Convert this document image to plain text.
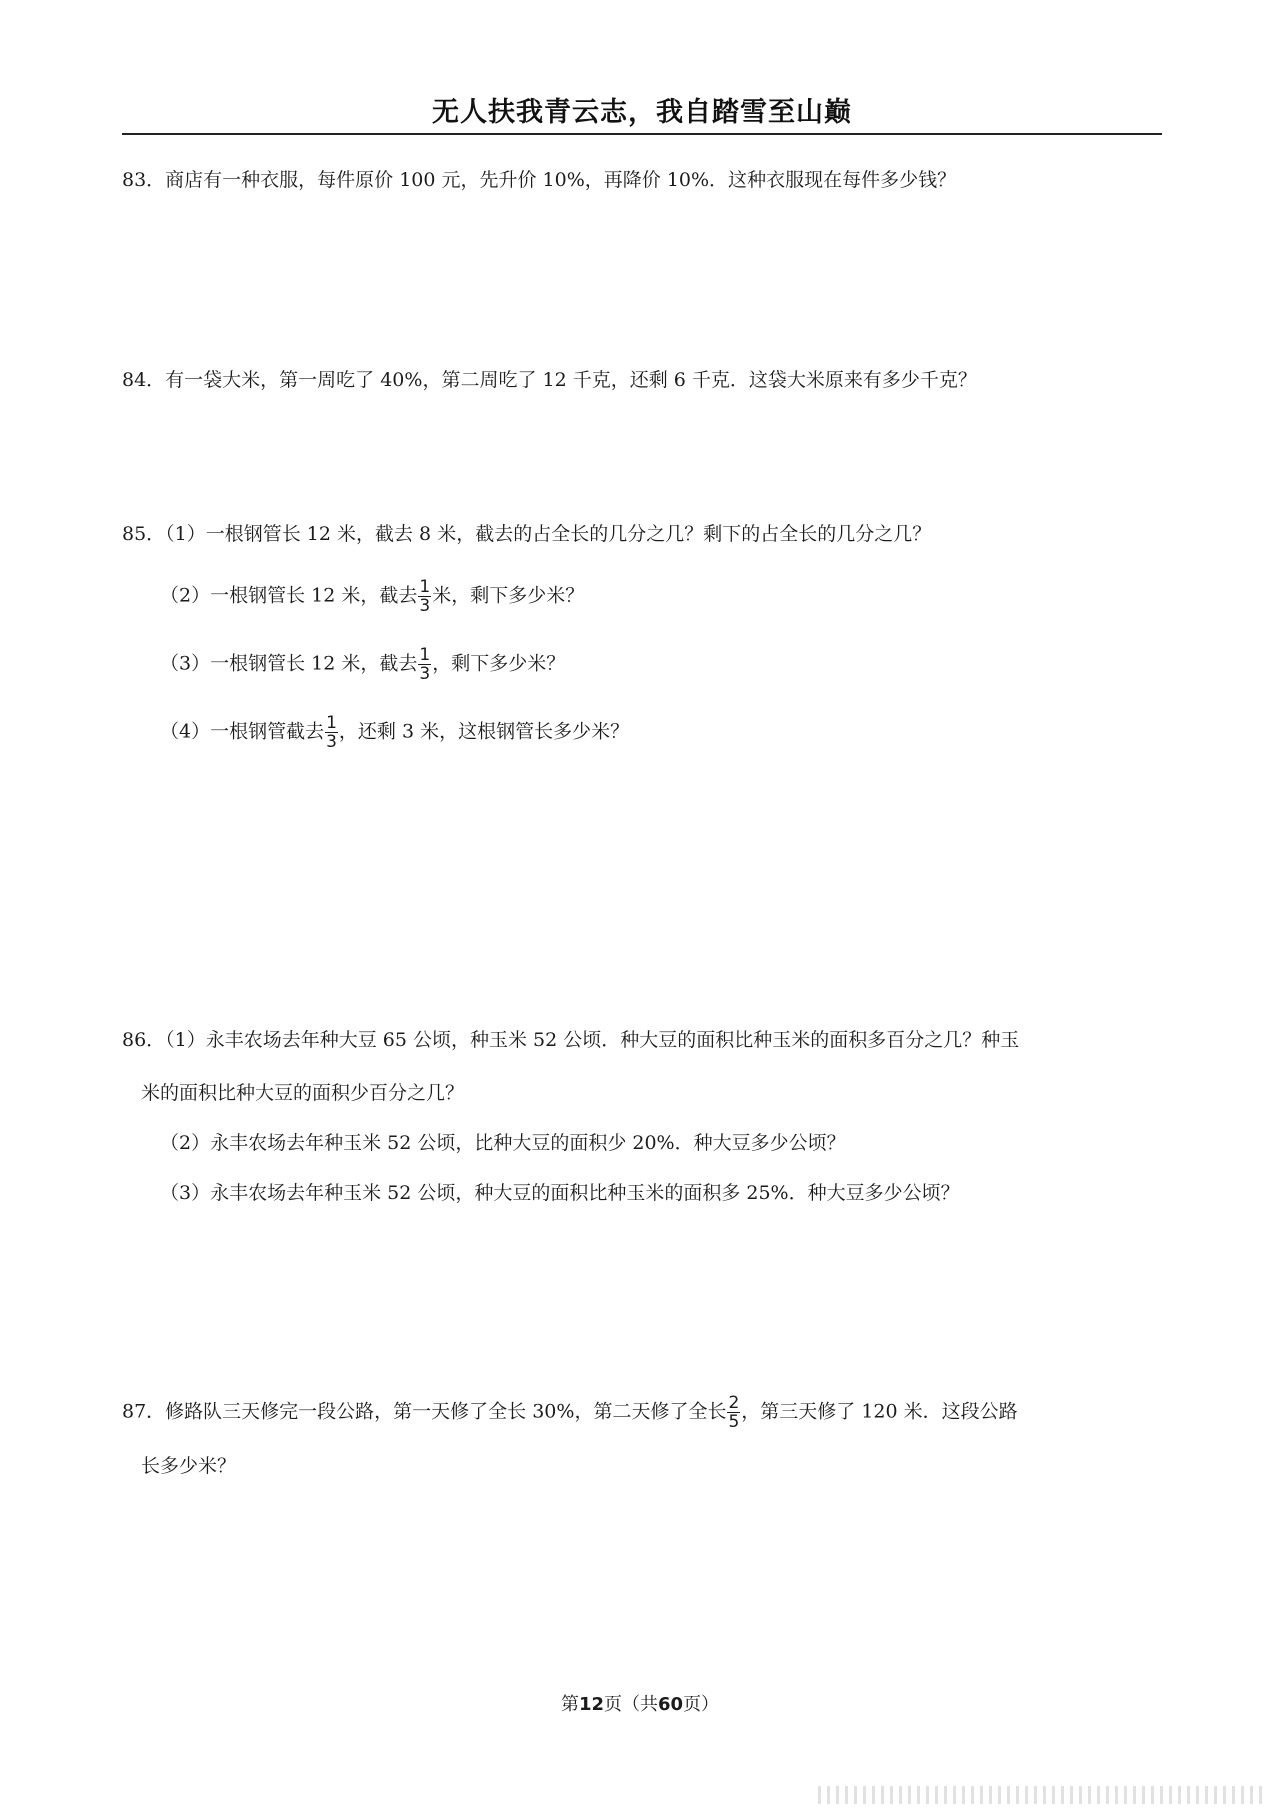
无人扶我青云志，我自踏雪至山巅
83．商店有一种衣服，每件原价 100 元，先升价 10%，再降价 10%．这种衣服现在每件多少钱？
84．有一袋大米，第一周吃了 40%，第二周吃了 12 千克，还剩 6 千克．这袋大米原来有多少千克？
85．（1）一根钢管长 12 米，截去 8 米，截去的占全长的几分之几？剩下的占全长的几分之几？
（2）一根钢管长 12 米，截去 $\frac{1}{3}$ 米，剩下多少米？
（3）一根钢管长 12 米，截去 $\frac{1}{3}$ ，剩下多少米？
（4）一根钢管截去 $\frac{1}{3}$ ，还剩 3 米，这根钢管长多少米？
86．（1）永丰农场去年种大豆 65 公顷，种玉米 52 公顷．种大豆的面积比种玉米的面积多百分之几？种玉
米的面积比种大豆的面积少百分之几？
（2）永丰农场去年种玉米 52 公顷，比种大豆的面积少 20%．种大豆多少公顷？
（3）永丰农场去年种玉米 52 公顷，种大豆的面积比种玉米的面积多 25%．种大豆多少公顷？
87．修路队三天修完一段公路，第一天修了全长 30%，第二天修了全长 $\frac{2}{5}$ ，第三天修了 120 米．这段公路
长多少米？
第12页（共60页）
